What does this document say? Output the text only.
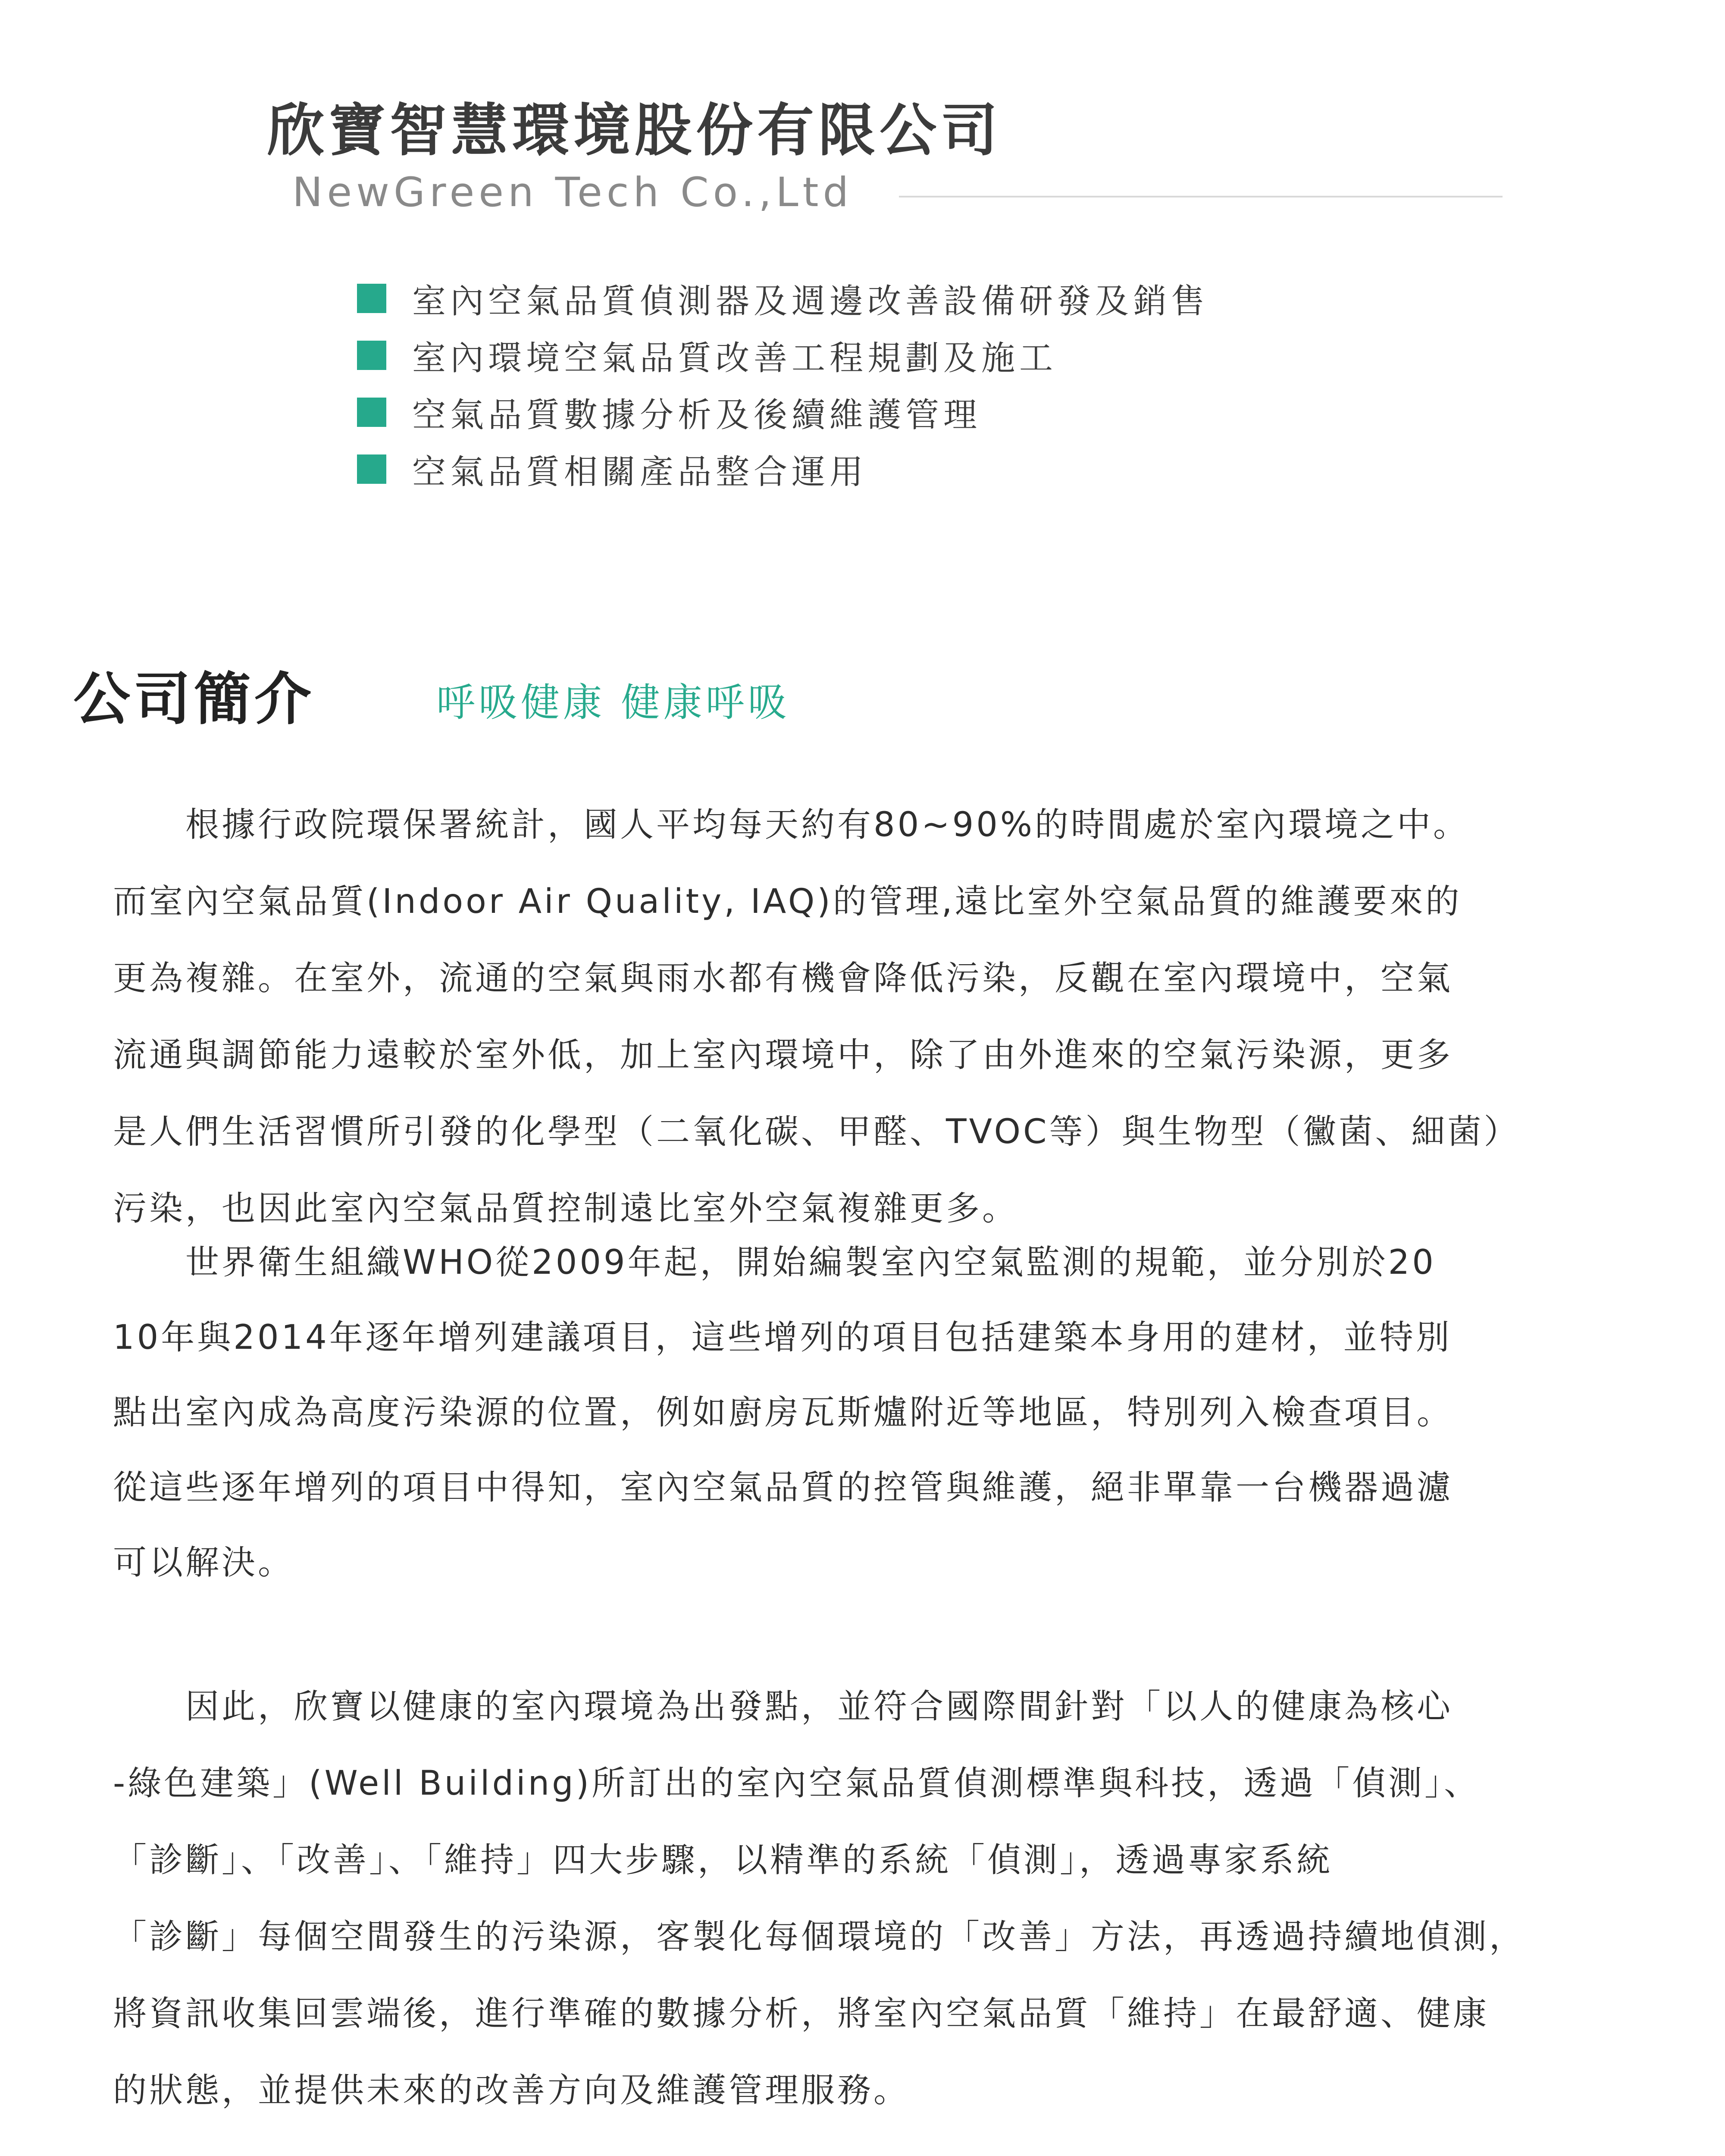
欣寶智慧環境股份有限公司
NewGreen Tech Co.,Ltd
室內空氣品質偵測器及週邊改善設備研發及銷售
室內環境空氣品質改善工程規劃及施工
空氣品質數據分析及後續維護管理
空氣品質相關產品整合運用
公司簡介	呼吸健康 健康呼吸
　　根據行政院環保署統計，國人平均每天約有80~90%的時間處於室內環境之中。
而室內空氣品質(Indoor Air Quality, IAQ)的管理,遠比室外空氣品質的維護要來的
更為複雜。在室外，流通的空氣與雨水都有機會降低污染，反觀在室內環境中，空氣
流通與調節能力遠較於室外低，加上室內環境中，除了由外進來的空氣污染源，更多
是人們生活習慣所引發的化學型（二氧化碳、甲醛、TVOC等）與生物型（黴菌、細菌）
污染，也因此室內空氣品質控制遠比室外空氣複雜更多。
　　世界衛生組織WHO從2009年起，開始編製室內空氣監測的規範，並分別於20
10年與2014年逐年增列建議項目，這些增列的項目包括建築本身用的建材，並特別
點出室內成為高度污染源的位置，例如廚房瓦斯爐附近等地區，特別列入檢查項目。
從這些逐年增列的項目中得知，室內空氣品質的控管與維護，絕非單靠一台機器過濾
可以解決。
　　因此，欣寶以健康的室內環境為出發點，並符合國際間針對「以人的健康為核心
-綠色建築」(Well Building)所訂出的室內空氣品質偵測標準與科技，透過「偵測」、
「診斷」、「改善」、「維持」四大步驟，以精準的系統「偵測」，透過專家系統
「診斷」每個空間發生的污染源，客製化每個環境的「改善」方法，再透過持續地偵測，
將資訊收集回雲端後，進行準確的數據分析，將室內空氣品質「維持」在最舒適、健康
的狀態，並提供未來的改善方向及維護管理服務。
